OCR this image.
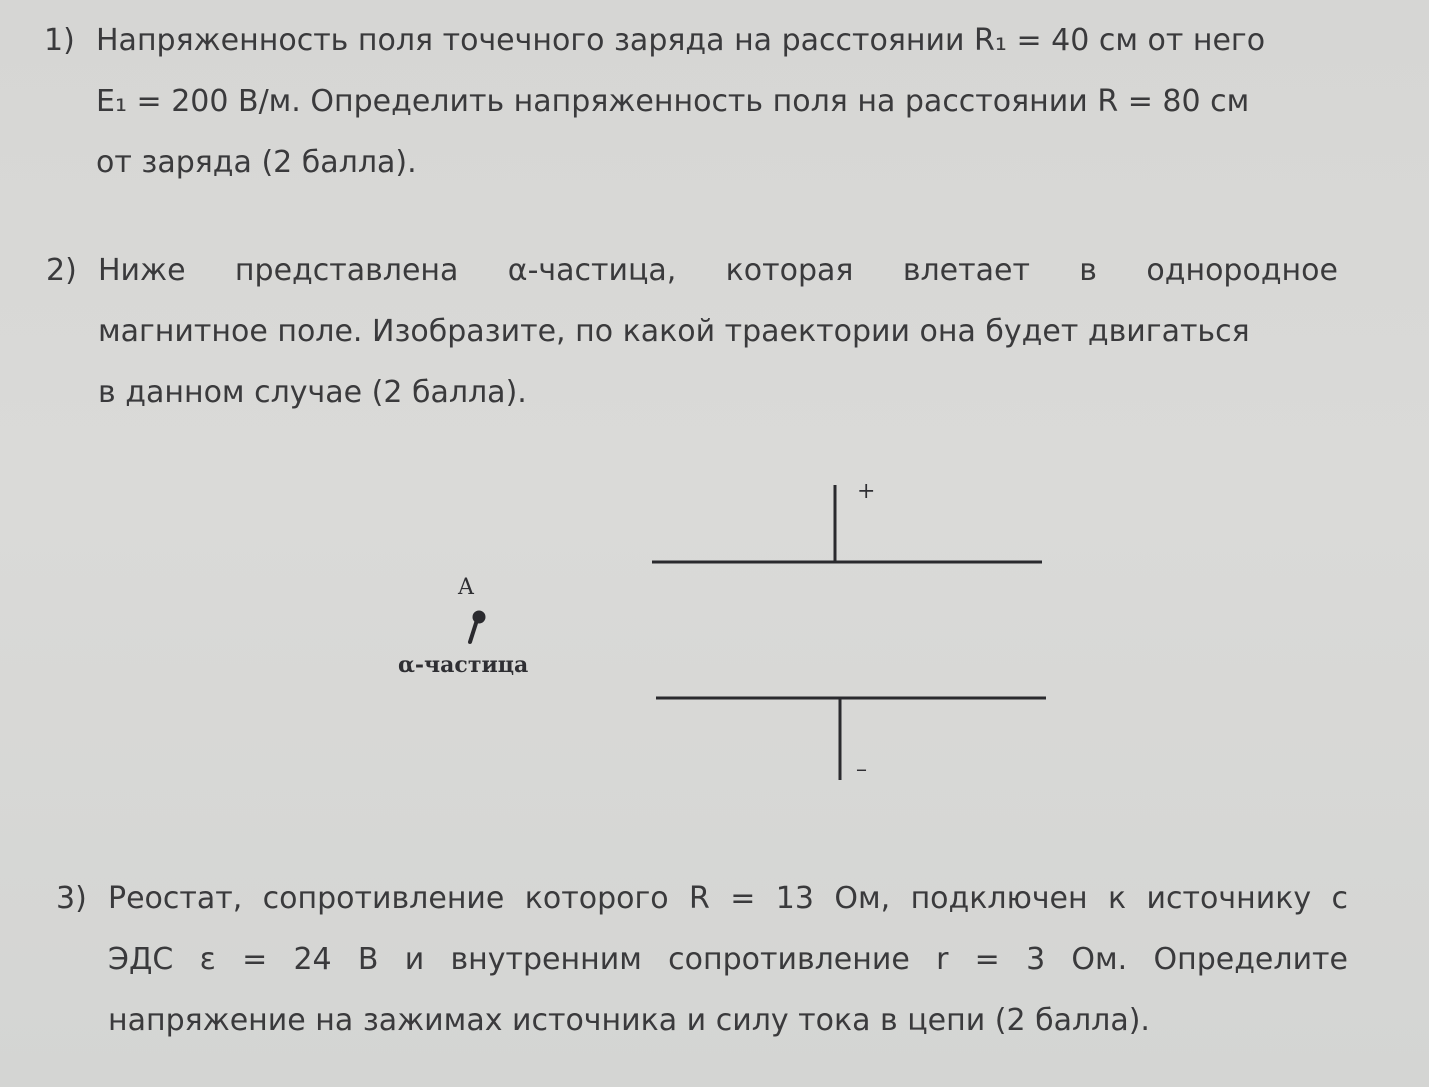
1) Напряженность поля точечного заряда на расстоянии R₁ = 40 см от него
E₁ = 200 В/м. Определить напряженность поля на расстоянии R = 80 см
от заряда (2 балла).
2) Ниже представлена α-частица, которая влетает в однородное
магнитное поле. Изобразите, по какой траектории она будет двигаться
в данном случае (2 балла).
+
–
A
α-частица
3) Реостат, сопротивление которого R = 13 Ом, подключен к источнику с
ЭДС ε = 24 В и внутренним сопротивление r = 3 Ом. Определите
напряжение на зажимах источника и силу тока в цепи (2 балла).
